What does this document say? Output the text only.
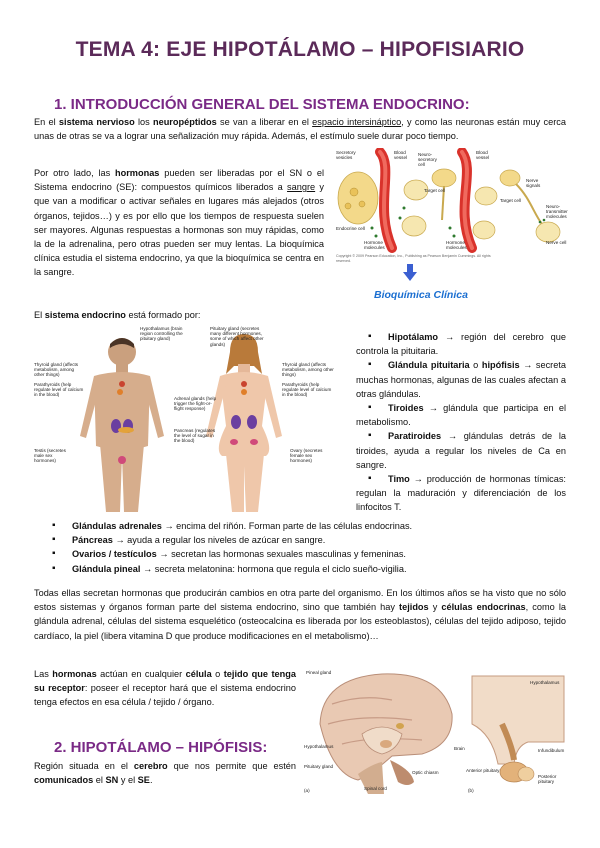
TEMA 4: EJE HIPOTÁLAMO – HIPOFISIARIO
1. INTRODUCCIÓN GENERAL DEL SISTEMA ENDOCRINO:
En el sistema nervioso los neuropéptidos se van a liberar en el espacio intersináptico, y como las neuronas están muy cerca unas de otras se va a lograr una señalización muy rápida. Además, el estímulo suele durar poco tiempo.
Por otro lado, las hormonas pueden ser liberadas por el SN o el Sistema endocrino (SE): compuestos químicos liberados a sangre y que van a modificar o activar señales en lugares más alejados (otros órganos, tejidos…) y es por ello que los tiempos de respuesta suelen ser mayores. Algunas respuestas a hormonas son muy rápidas, como la de la adrenalina, pero otras pueden ser muy lentas. La bioquímica clínica estudia el sistema endocrino, ya que la bioquímica se centra en la sangre.
Secretory vesicles
Blood vessel
Target cell
Endocrine cell
Hormone molecules
Neuro-secretory cell
Blood vessel
Target cell
Hormone molecules
Nerve signals
Neuro-transmitter molecules
Nerve cell
Copyright © 2009 Pearson Education, Inc., Publishing as Pearson Benjamin Cummings. All rights reserved.
Bioquímica Clínica
El sistema endocrino está formado por:
Hypothalamus (brain region controlling the pituitary gland)
Pituitary gland (secretes many different hormones, some of which affect other glands)
Thyroid gland (affects metabolism, among other things)
Parathyroids (help regulate level of calcium in the blood)
Thyroid gland (affects metabolism, among other things)
Parathyroids (help regulate level of calcium in the blood)
Adrenal glands (help trigger the fight-or-flight response)
Pancreas (regulates the level of sugar in the blood)
Testis (secretes male sex hormones)
Ovary (secretes female sex hormones)
▪ Hipotálamo → región del cerebro que controla la pituitaria.
▪ Glándula pituitaria o hipófisis → secreta muchas hormonas, algunas de las cuales afectan a otras glándulas.
▪ Tiroides → glándula que participa en el metabolismo.
▪ Paratiroides → glándulas detrás de la tiroides, ayuda a regular los niveles de Ca en sangre.
▪ Timo → producción de hormonas tímicas: regulan la maduración y diferenciación de los linfocitos T.
▪ Glándulas adrenales → encima del riñón. Forman parte de las células endocrinas.
▪ Páncreas → ayuda a regular los niveles de azúcar en sangre.
▪ Ovarios / testículos → secretan las hormonas sexuales masculinas y femeninas.
▪ Glándula pineal → secreta melatonina: hormona que regula el ciclo sueño-vigilia.
Todas ellas secretan hormonas que producirán cambios en otra parte del organismo. En los últimos años se ha visto que no sólo estos sistemas y órganos forman parte del sistema endocrino, sino que también hay tejidos y células endocrinas, como la glándula adrenal, células del sistema esquelético (osteocalcina es liberada por los esteoblastos), células del tejido adiposo, tejido cardíaco, la piel (libera vitamina D que produce modificaciones en el metabolismo)…
Las hormonas actúan en cualquier célula o tejido que tenga su receptor: poseer el receptor hará que el sistema endocrino tenga efectos en esa célula / tejido / órgano.
2. HIPOTÁLAMO – HIPÓFISIS:
Región situada en el cerebro que nos permite que estén comunicados el SN y el SE.
Pineal gland
Hypothalamus
Pituitary gland
Brain
Hypothalamus
Infundibulum
Anterior pituitary
Posterior pituitary
Optic chiasm
Spinal cord
(a)	(b)
